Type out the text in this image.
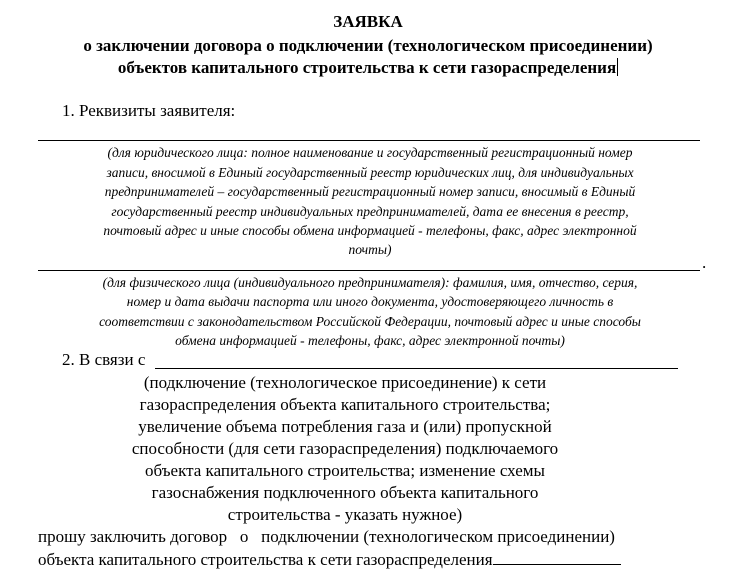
ЗАЯВКА
о заключении договора о подключении (технологическом присоединении)
объектов капитального строительства к сети газораспределения
1. Реквизиты заявителя:
(для юридического лица: полное наименование и государственный регистрационный номер
записи, вносимой в Единый государственный реестр юридических лиц, для индивидуальных
предпринимателей – государственный регистрационный номер записи, вносимый в Единый
государственный реестр индивидуальных предпринимателей, дата ее внесения в реестр,
почтовый адрес и иные способы обмена информацией - телефоны, факс, адрес электронной
почты)
.
(для физического лица (индивидуального предпринимателя): фамилия, имя, отчество, серия,
номер и дата выдачи паспорта или иного документа, удостоверяющего личность в
соответствии с законодательством Российской Федерации, почтовый адрес и иные способы
обмена информацией - телефоны, факс, адрес электронной почты)
2. В связи с
(подключение (технологическое присоединение) к сети
газораспределения объекта капитального строительства;
увеличение объема потребления газа и (или) пропускной
способности (для сети газораспределения) подключаемого
объекта капитального строительства; изменение схемы
газоснабжения подключенного объекта капитального
строительства - указать нужное)
прошу заключить договор   о   подключении (технологическом присоединении)
объекта капитального строительства к сети газораспределения
